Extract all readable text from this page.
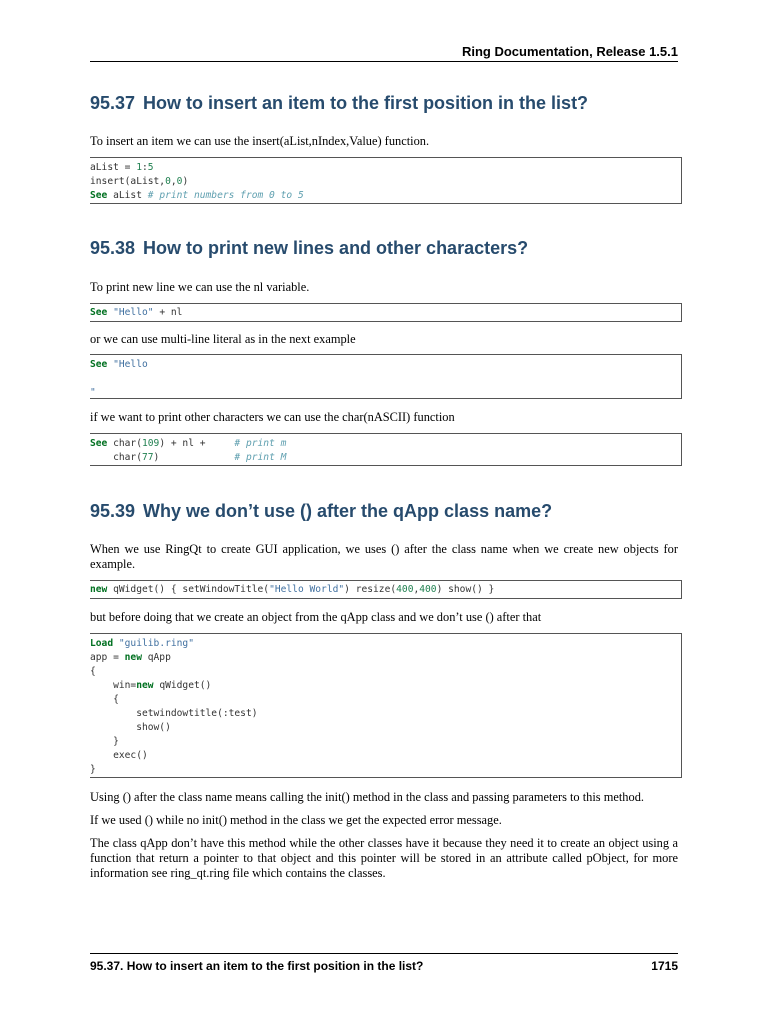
Ring Documentation, Release 1.5.1
95.37 How to insert an item to the first position in the list?

To insert an item we can use the insert(aList,nIndex,Value) function.

aList = 1:5
insert(aList,0,0)
See aList # print numbers from 0 to 5
95.38 How to print new lines and other characters?

To print new line we can use the nl variable.

See "Hello" + nl

or we can use multi-line literal as in the next example

See "Hello

"

if we want to print other characters we can use the char(nASCII) function

See char(109) + nl +     # print m
char(77)             # print M
95.39 Why we don’t use () after the qApp class name?

When we use RingQt to create GUI application, we uses () after the class name when we create new objects for example.

new qWidget() { setWindowTitle("Hello World") resize(400,400) show() }

but before doing that we create an object from the qApp class and we don’t use () after that

Load "guilib.ring"
app = new qApp
{
win=new qWidget()
{
setwindowtitle(:test)
show()
}
exec()
}

Using () after the class name means calling the init() method in the class and passing parameters to this method.

If we used () while no init() method in the class we get the expected error message.

The class qApp don’t have this method while the other classes have it because they need it to create an object using a function that return a pointer to that object and this pointer will be stored in an attribute called pObject, for more information see ring_qt.ring file which contains the classes.

95.37. How to insert an item to the first position in the list?	1715
